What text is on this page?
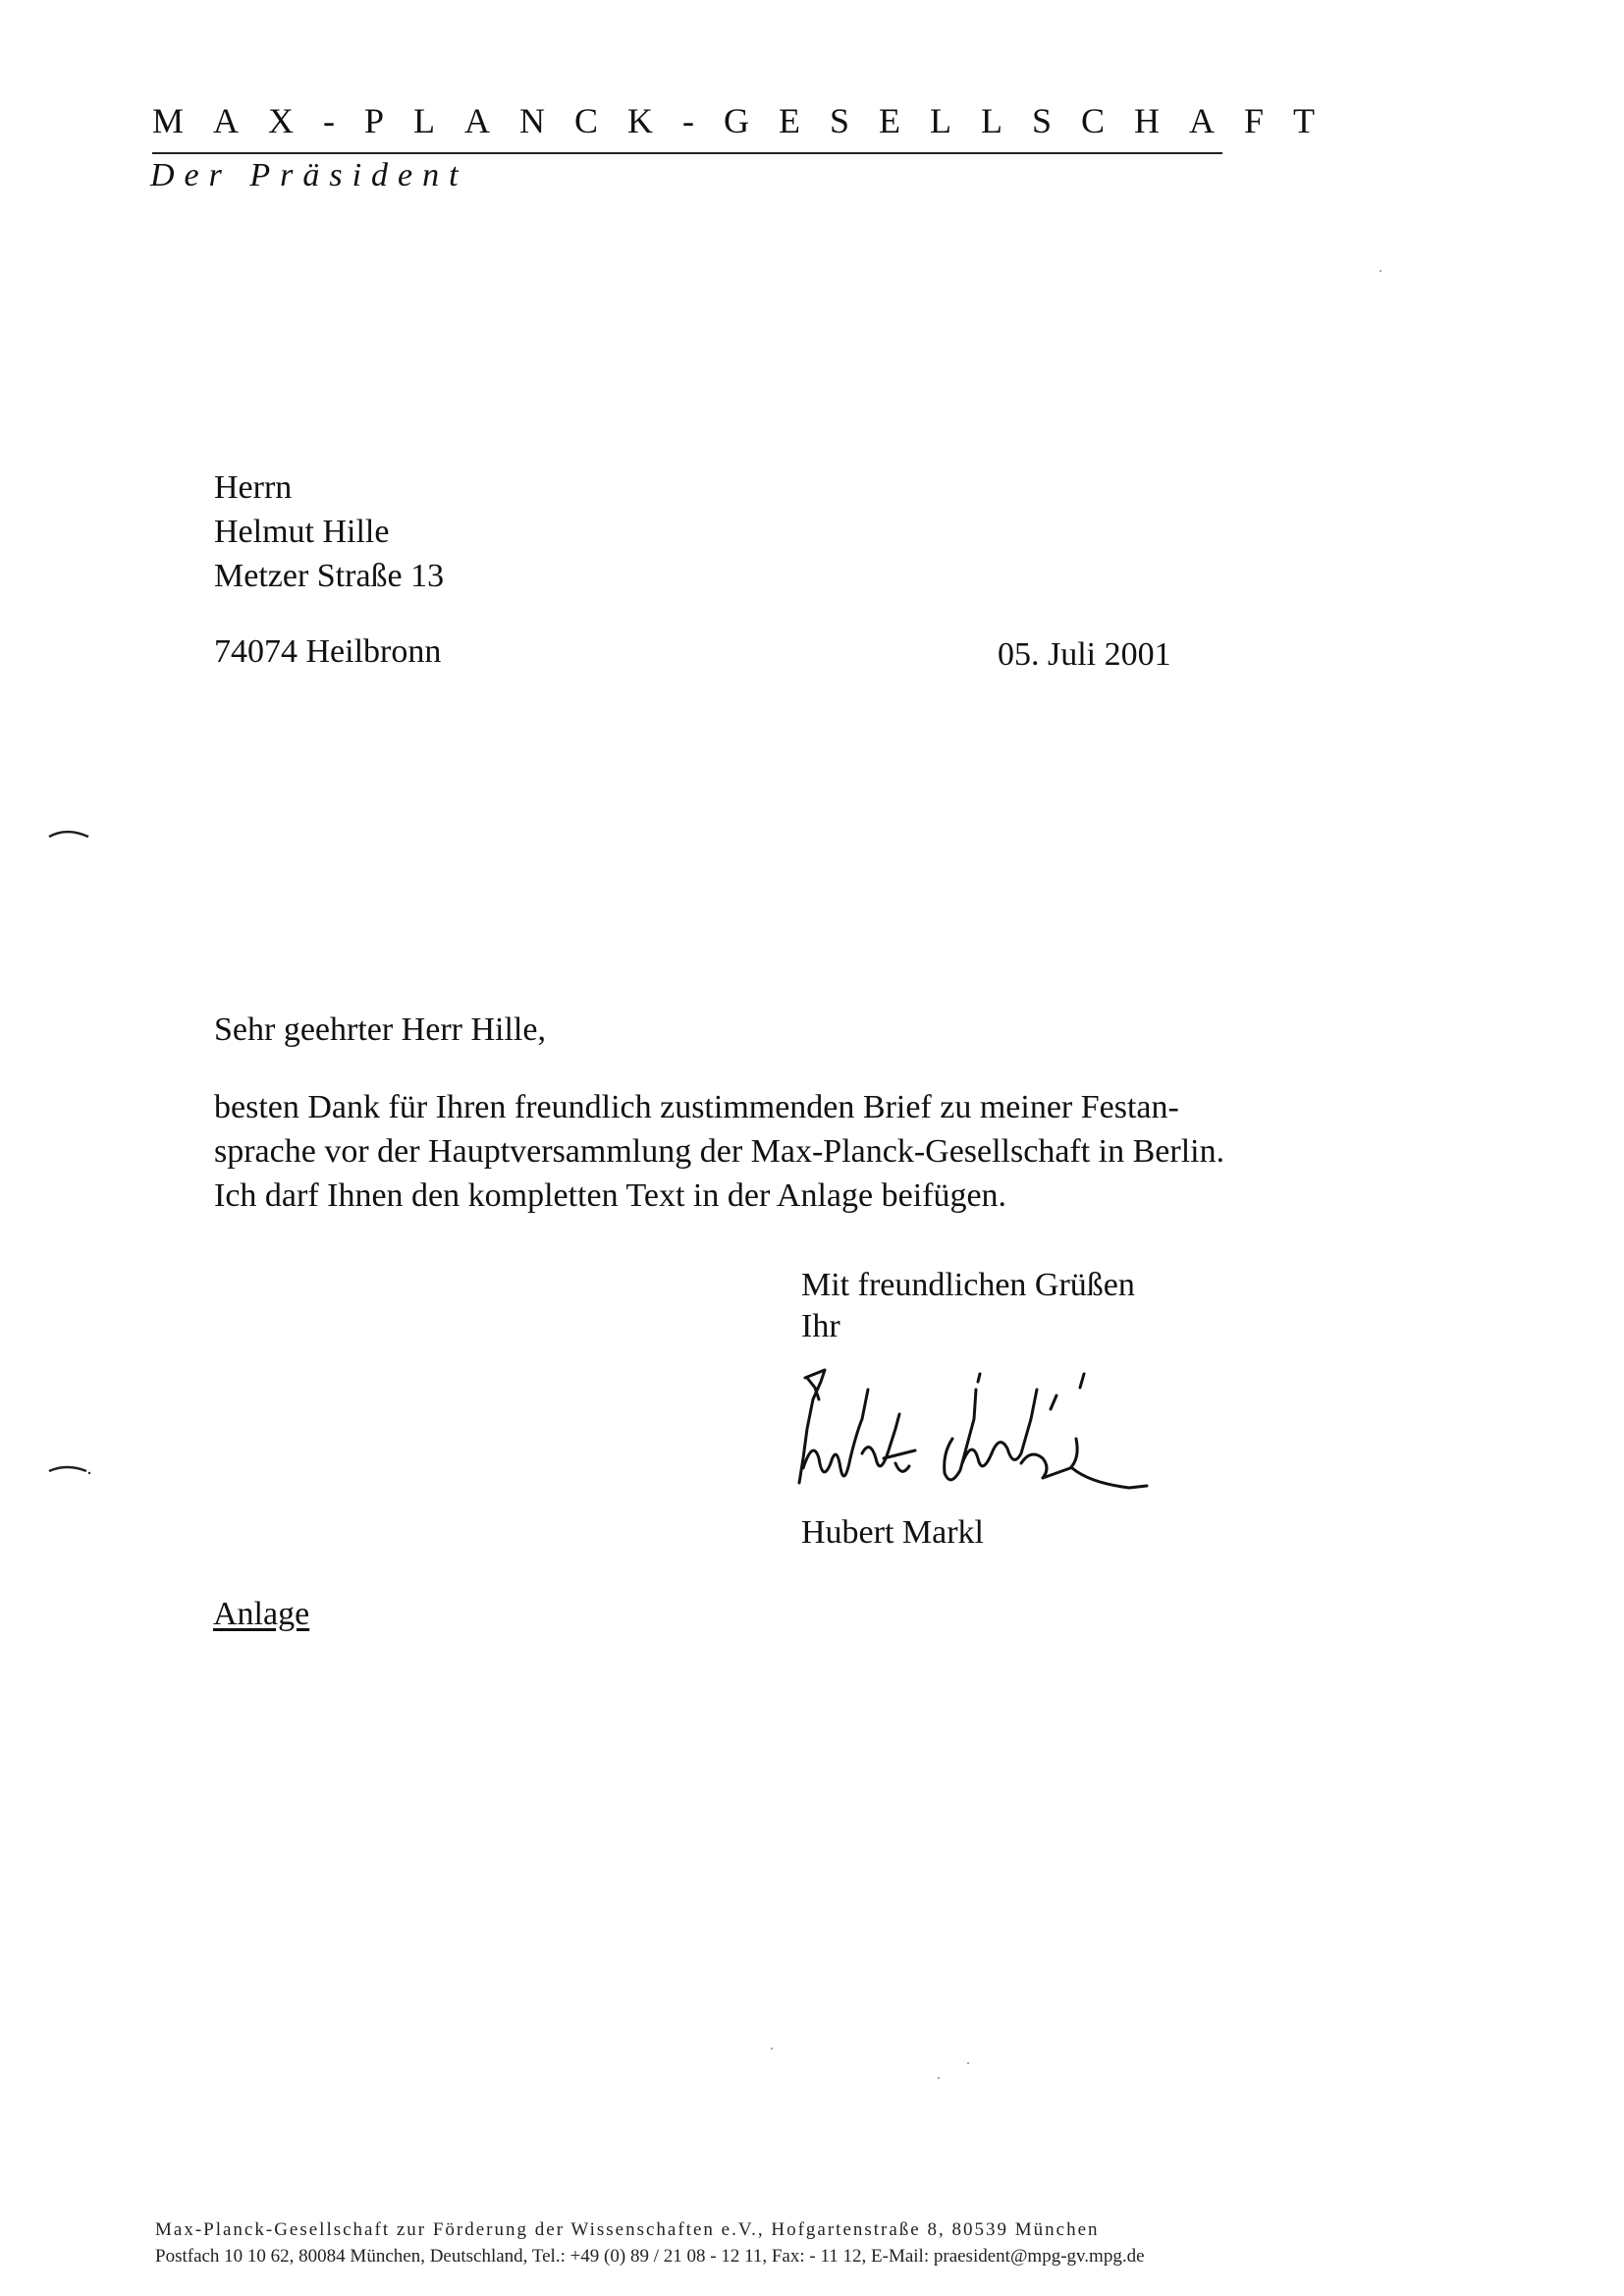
MAX-PLANCK-GESELLSCHAFT
Der Präsident
Herrn
Helmut Hille
Metzer Straße 13
74074 Heilbronn	05. Juli 2001
Sehr geehrter Herr Hille,
besten Dank für Ihren freundlich zustimmenden Brief zu meiner Festan-
sprache vor der Hauptversammlung der Max-Planck-Gesellschaft in Berlin.
Ich darf Ihnen den kompletten Text in der Anlage beifügen.
Mit freundlichen Grüßen
Ihr
Hubert Markl
Anlage
Max-Planck-Gesellschaft zur Förderung der Wissenschaften e.V., Hofgartenstraße 8, 80539 München
Postfach 10 10 62, 80084 München, Deutschland, Tel.: +49 (0) 89 / 21 08 - 12 11, Fax: - 11 12, E-Mail: praesident@mpg-gv.mpg.de
